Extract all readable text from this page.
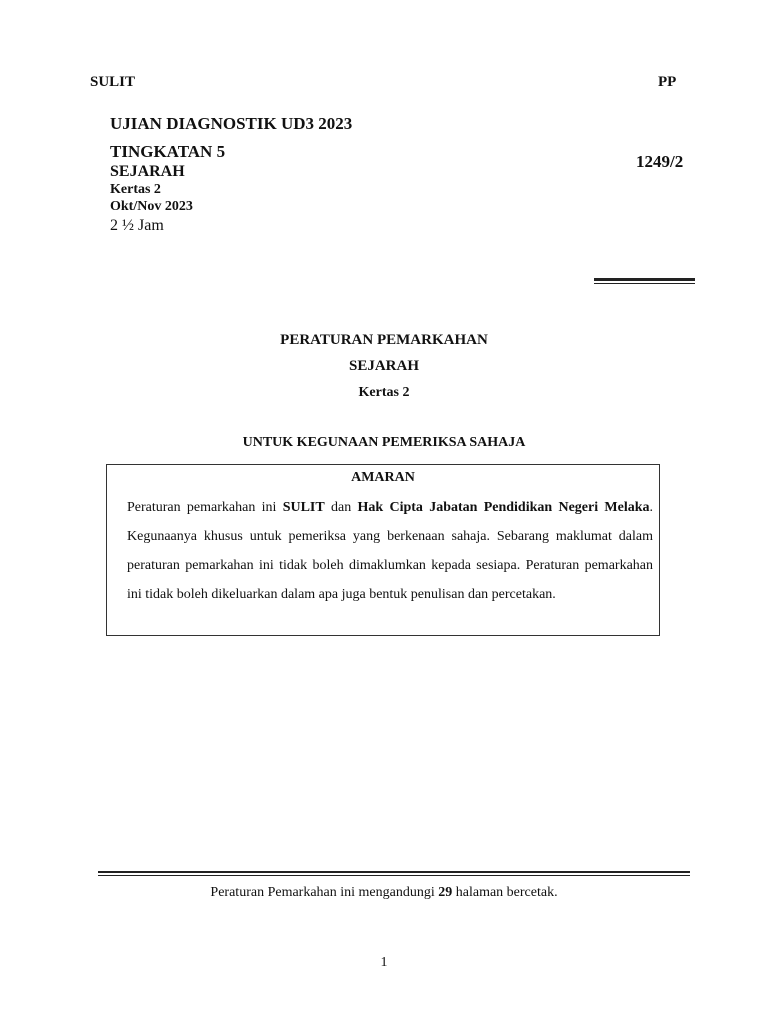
SULIT	PP
UJIAN DIAGNOSTIK UD3 2023
TINGKATAN 5
SEJARAH
Kertas 2
Okt/Nov 2023
2 ½ Jam
1249/2
PERATURAN PEMARKAHAN
SEJARAH
Kertas 2
UNTUK KEGUNAAN PEMERIKSA SAHAJA
AMARAN
Peraturan pemarkahan ini SULIT dan Hak Cipta Jabatan Pendidikan Negeri Melaka. Kegunaanya khusus untuk pemeriksa yang berkenaan sahaja. Sebarang maklumat dalam peraturan pemarkahan ini tidak boleh dimaklumkan kepada sesiapa. Peraturan pemarkahan ini tidak boleh dikeluarkan dalam apa juga bentuk penulisan dan percetakan.
Peraturan Pemarkahan ini mengandungi 29 halaman bercetak.
1
